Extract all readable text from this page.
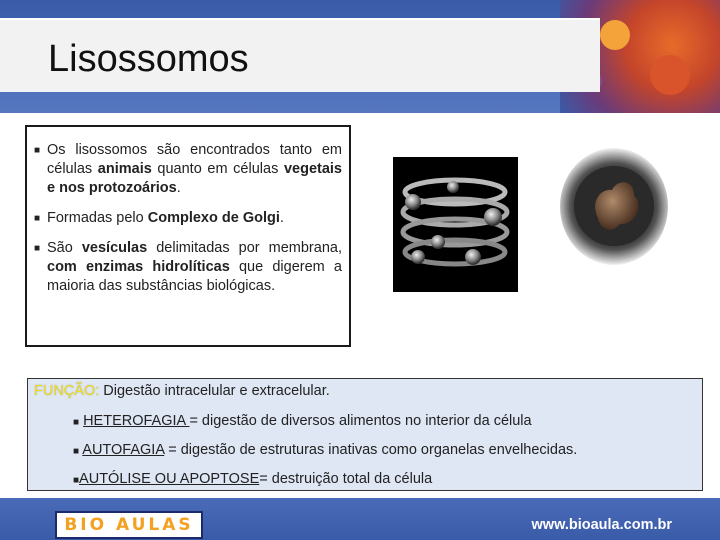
Lisossomos
■ Os lisossomos são encontrados tanto em células animais quanto em células vegetais e nos protozoários.
■ Formadas pelo Complexo de Golgi.
■ São vesículas delimitadas por membrana, com enzimas hidrolíticas que digerem a maioria das substâncias biológicas.
FUNÇÃO: Digestão intracelular e extracelular.
■ HETEROFAGIA = digestão de diversos alimentos no interior da célula
■ AUTOFAGIA = digestão de estruturas inativas como organelas envelhecidas.
■AUTÓLISE OU APOPTOSE= destruição total da célula
BIO AULAS	www.bioaula.com.br
